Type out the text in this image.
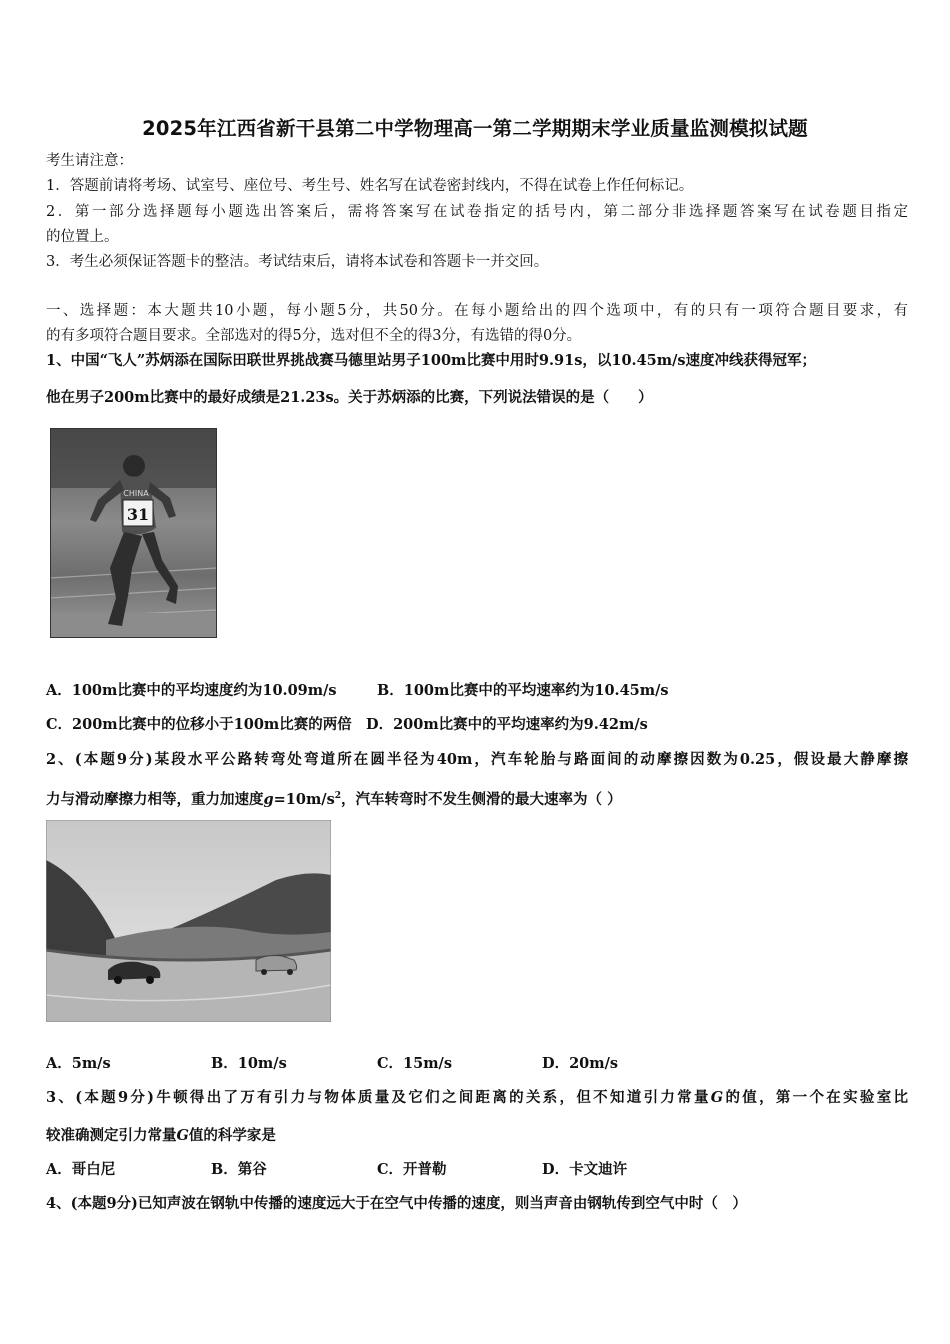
2025年江西省新干县第二中学物理高一第二学期期末学业质量监测模拟试题
考生请注意：
1．答题前请将考场、试室号、座位号、考生号、姓名写在试卷密封线内，不得在试卷上作任何标记。
2．第一部分选择题每小题选出答案后，需将答案写在试卷指定的括号内，第二部分非选择题答案写在试卷题目指定
的位置上。
3．考生必须保证答题卡的整洁。考试结束后，请将本试卷和答题卡一并交回。
一、选择题：本大题共10小题，每小题5分，共50分。在每小题给出的四个选项中，有的只有一项符合题目要求，有
的有多项符合题目要求。全部选对的得5分，选对但不全的得3分，有选错的得0分。
1、中国“飞人”苏炳添在国际田联世界挑战赛马德里站男子100m比赛中用时9.91s，以10.45m/s速度冲线获得冠军；
他在男子200m比赛中的最好成绩是21.23s。关于苏炳添的比赛，下列说法错误的是（　　）
31
CHINA
A．100m比赛中的平均速度约为10.09m/s	B．100m比赛中的平均速率约为10.45m/s
C．200m比赛中的位移小于100m比赛的两倍 D．200m比赛中的平均速率约为9.42m/s
2、(本题9分)某段水平公路转弯处弯道所在圆半径为40m，汽车轮胎与路面间的动摩擦因数为0.25，假设最大静摩擦
力与滑动摩擦力相等，重力加速度$g=10m/s^2$，汽车转弯时不发生侧滑的最大速率为（ ）
A．5m/s	B．10m/s	C．15m/s	D．20m/s
3、(本题9分)牛顿得出了万有引力与物体质量及它们之间距离的关系，但不知道引力常量G的值，第一个在实验室比
较准确测定引力常量G值的科学家是
A．哥白尼	B．第谷	C．开普勒	D．卡文迪许
4、(本题9分)已知声波在钢轨中传播的速度远大于在空气中传播的速度，则当声音由钢轨传到空气中时（　）
